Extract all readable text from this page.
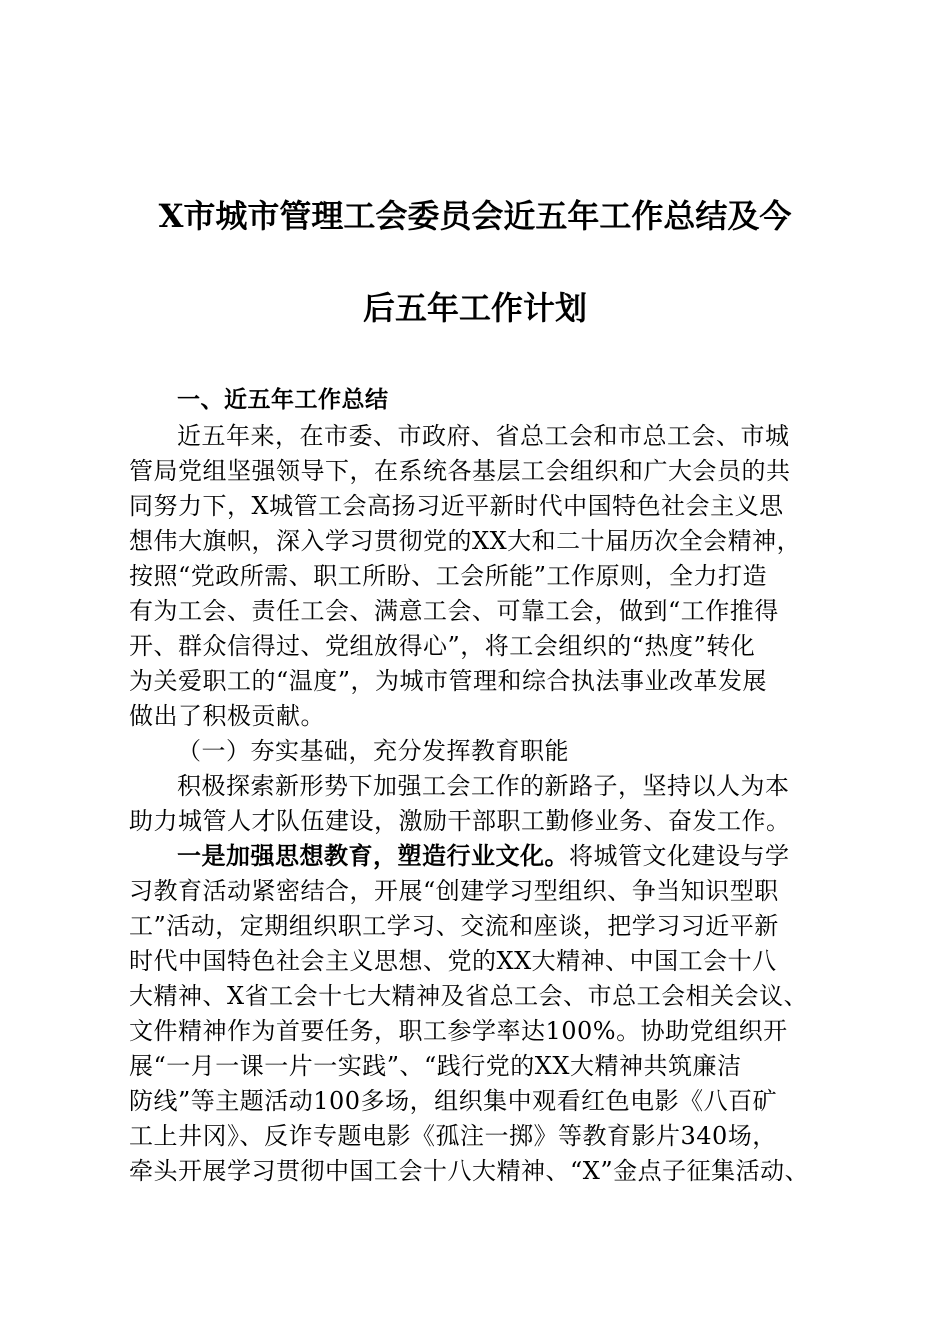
X市城市管理工会委员会近五年工作总结及今
后五年工作计划
一、近五年工作总结
近五年来，在市委、市政府、省总工会和市总工会、市城
管局党组坚强领导下，在系统各基层工会组织和广大会员的共
同努力下，X城管工会高扬习近平新时代中国特色社会主义思
想伟大旗帜，深入学习贯彻党的XX大和二十届历次全会精神，
按照“党政所需、职工所盼、工会所能”工作原则，全力打造
有为工会、责任工会、满意工会、可靠工会，做到“工作推得
开、群众信得过、党组放得心”，将工会组织的“热度”转化
为关爱职工的“温度”，为城市管理和综合执法事业改革发展
做出了积极贡献。
（一）夯实基础，充分发挥教育职能
积极探索新形势下加强工会工作的新路子，坚持以人为本
助力城管人才队伍建设，激励干部职工勤修业务、奋发工作。
一是加强思想教育，塑造行业文化。将城管文化建设与学
习教育活动紧密结合，开展“创建学习型组织、争当知识型职
工”活动，定期组织职工学习、交流和座谈，把学习习近平新
时代中国特色社会主义思想、党的XX大精神、中国工会十八
大精神、X省工会十七大精神及省总工会、市总工会相关会议、
文件精神作为首要任务，职工参学率达100%。协助党组织开
展“一月一课一片一实践”、“践行党的XX大精神共筑廉洁
防线”等主题活动100多场，组织集中观看红色电影《八百矿
工上井冈》、反诈专题电影《孤注一掷》等教育影片340场，
牵头开展学习贯彻中国工会十八大精神、“X”金点子征集活动、
